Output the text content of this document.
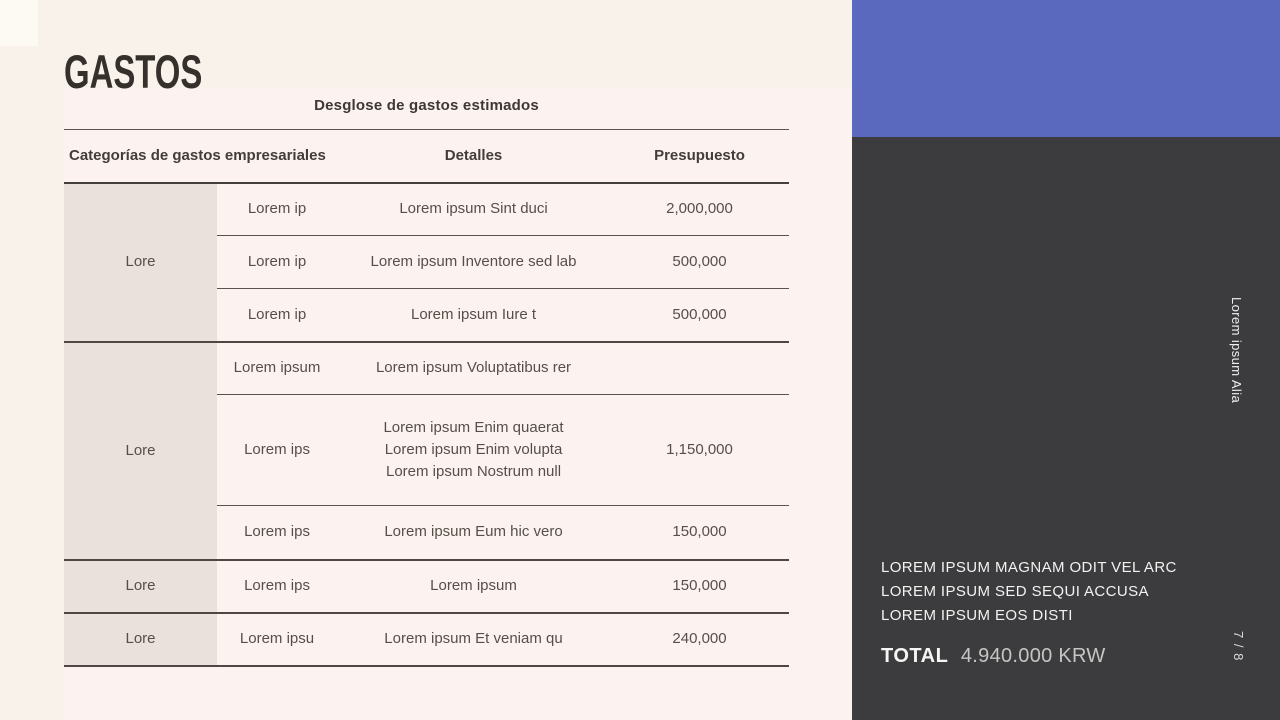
GASTOS
Desglose de gastos estimados
Categorías de gastos empresariales		Detalles	Presupuesto
Lore	Lorem ip	Lorem ipsum Sint duci	2,000,000
	Lorem ip	Lorem ipsum Inventore sed lab	500,000
	Lorem ip	Lorem ipsum Iure t	500,000
Lore	Lorem ipsum	Lorem ipsum Voluptatibus rer	
	Lorem ips	Lorem ipsum Enim quaerat
Lorem ipsum Enim volupta
Lorem ipsum Nostrum null	1,150,000
	Lorem ips	Lorem ipsum Eum hic vero	150,000
Lore	Lorem ips	Lorem ipsum	150,000
Lore	Lorem ipsu	Lorem ipsum Et veniam qu	240,000
Lorem ipsum Alia
LOREM IPSUM MAGNAM ODIT VEL ARC
LOREM IPSUM SED SEQUI ACCUSA
LOREM IPSUM EOS DISTI
TOTAL 4.940.000 KRW	7 / 8
